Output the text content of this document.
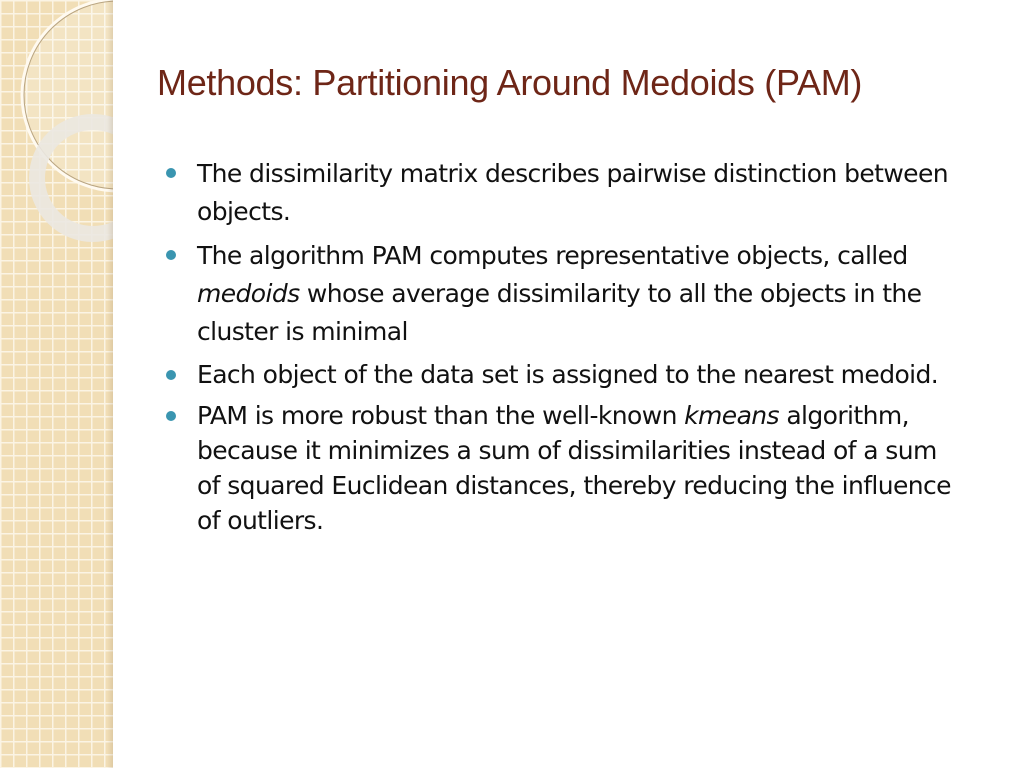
Methods: Partitioning Around Medoids (PAM)
The dissimilarity matrix describes pairwise distinction between objects.
The algorithm PAM computes representative objects, called medoids whose average dissimilarity to all the objects in the cluster is minimal
Each object of the data set is assigned to the nearest medoid.
PAM is more robust than the well-known kmeans algorithm, because it minimizes a sum of dissimilarities instead of a sum of squared Euclidean distances, thereby reducing the influence of outliers.
